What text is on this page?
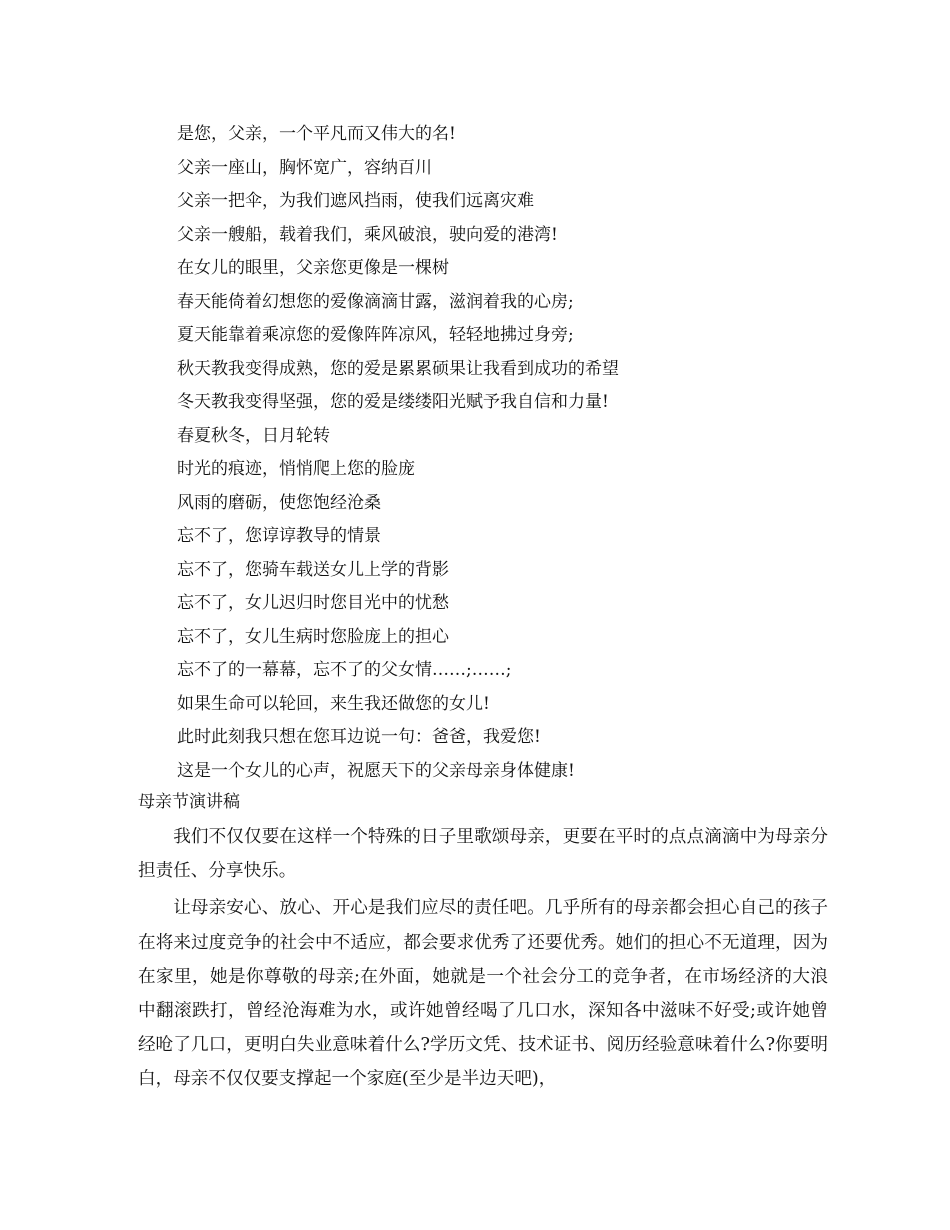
是您，父亲，一个平凡而又伟大的名!
父亲一座山，胸怀宽广，容纳百川
父亲一把伞，为我们遮风挡雨，使我们远离灾难
父亲一艘船，载着我们，乘风破浪，驶向爱的港湾!
在女儿的眼里，父亲您更像是一棵树
春天能倚着幻想您的爱像滴滴甘露，滋润着我的心房;
夏天能靠着乘凉您的爱像阵阵凉风，轻轻地拂过身旁;
秋天教我变得成熟，您的爱是累累硕果让我看到成功的希望
冬天教我变得坚强，您的爱是缕缕阳光赋予我自信和力量!
春夏秋冬，日月轮转
时光的痕迹，悄悄爬上您的脸庞
风雨的磨砺，使您饱经沧桑
忘不了，您谆谆教导的情景
忘不了，您骑车载送女儿上学的背影
忘不了，女儿迟归时您目光中的忧愁
忘不了，女儿生病时您脸庞上的担心
忘不了的一幕幕，忘不了的父女情……;……;
如果生命可以轮回，来生我还做您的女儿!
此时此刻我只想在您耳边说一句：爸爸，我爱您!
这是一个女儿的心声，祝愿天下的父亲母亲身体健康!
母亲节演讲稿

我们不仅仅要在这样一个特殊的日子里歌颂母亲，更要在平时的点点滴滴中为母亲分担责任、分享快乐。

让母亲安心、放心、开心是我们应尽的责任吧。几乎所有的母亲都会担心自己的孩子在将来过度竞争的社会中不适应，都会要求优秀了还要优秀。她们的担心不无道理，因为在家里，她是你尊敬的母亲;在外面，她就是一个社会分工的竞争者，在市场经济的大浪中翻滚跌打，曾经沧海难为水，或许她曾经喝了几口水，深知各中滋味不好受;或许她曾经呛了几口，更明白失业意味着什么?学历文凭、技术证书、阅历经验意味着什么?你要明白，母亲不仅仅要支撑起一个家庭(至少是半边天吧)，
